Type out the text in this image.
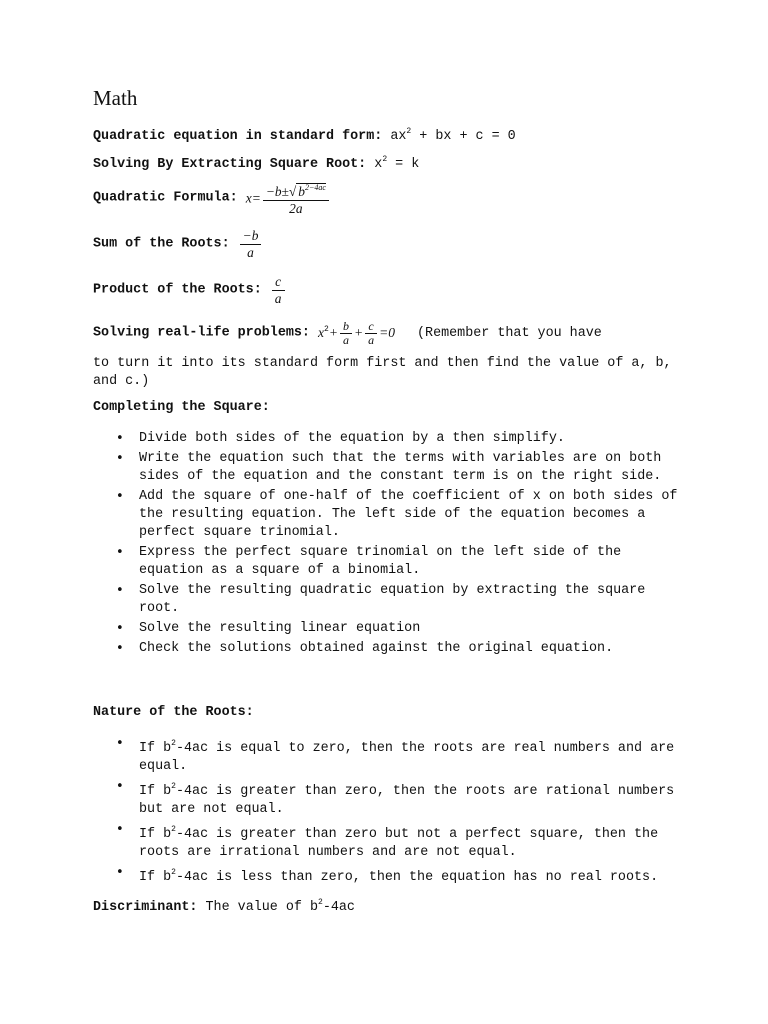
Math
Quadratic equation in standard form: $ax^2$ + bx + c = 0
Solving By Extracting Square Root: $x^2 = k$
Quadratic Formula: $x= \frac{-b\pm√ b^{2-4ac}}{2a}$
Sum of the Roots: $\frac{-b}{a}$
Product of the Roots: $\frac{c}{a}$
Solving real-life problems: $x^2+ \frac{b}{a} + \frac{c}{a} =0$ (Remember that you have
to turn it into its standard form first and then find the value of a, b, and c.)
Completing the Square:
• Divide both sides of the equation by a then simplify.
• Write the equation such that the terms with variables are on both sides of the equation and the constant term is on the right side.
• Add the square of one-half of the coefficient of x on both sides of the resulting equation. The left side of the equation becomes a perfect square trinomial.
• Express the perfect square trinomial on the left side of the equation as a square of a binomial.
• Solve the resulting quadratic equation by extracting the square root.
• Solve the resulting linear equation
• Check the solutions obtained against the original equation.
Nature of the Roots:
• If $b^2-4ac$ is equal to zero, then the roots are real numbers and are equal.
• If $b^2-4ac$ is greater than zero, then the roots are rational numbers but are not equal.
• If $b^2-4ac$ is greater than zero but not a perfect square, then the roots are irrational numbers and are not equal.
• If $b^2-4ac$ is less than zero, then the equation has no real roots.
Discriminant: The value of $b^2-4ac$
